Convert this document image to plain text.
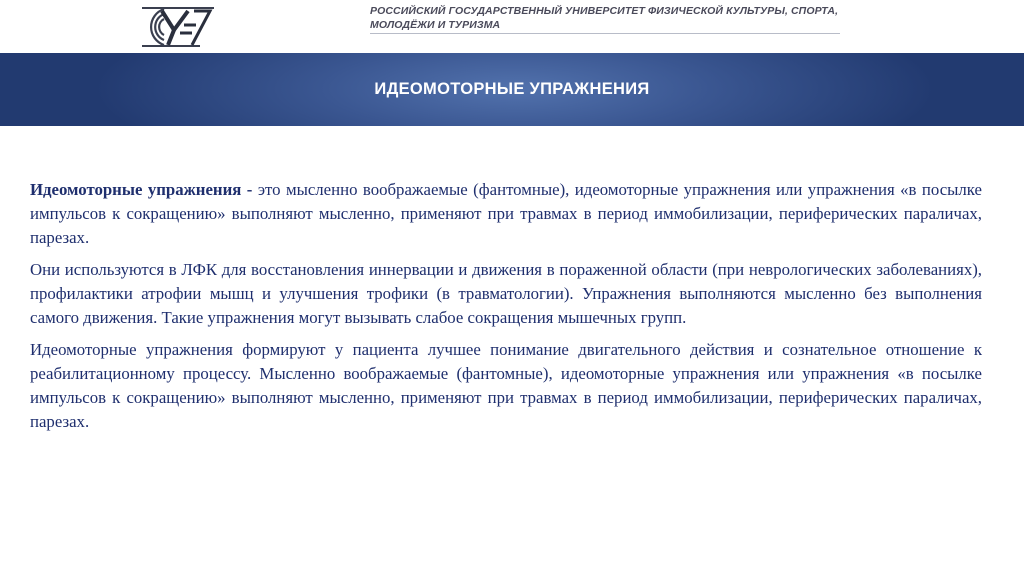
РОССИЙСКИЙ ГОСУДАРСТВЕННЫЙ УНИВЕРСИТЕТ ФИЗИЧЕСКОЙ КУЛЬТУРЫ, СПОРТА, МОЛОДЁЖИ И ТУРИЗМА
ИДЕОМОТОРНЫЕ УПРАЖНЕНИЯ

Идеомоторные упражнения - это мысленно воображаемые (фантомные), идеомоторные упражнения или упражнения «в посылке импульсов к сокращению» выполняют мысленно, применяют при травмах в период иммобилизации, периферических параличах, парезах.

Они используются в ЛФК для восстановления иннервации и движения в пораженной области (при неврологических заболеваниях), профилактики атрофии мышц и улучшения трофики (в травматологии). Упражнения выполняются мысленно без выполнения самого движения. Такие упражнения могут вызывать слабое сокращения мышечных групп.

Идеомоторные упражнения формируют у пациента лучшее понимание двигательного действия и сознательное отношение к реабилитационному процессу. Мысленно воображаемые (фантомные), идеомоторные упражнения или упражнения «в посылке импульсов к сокращению» выполняют мысленно, применяют при травмах в период иммобилизации, периферических параличах, парезах.
